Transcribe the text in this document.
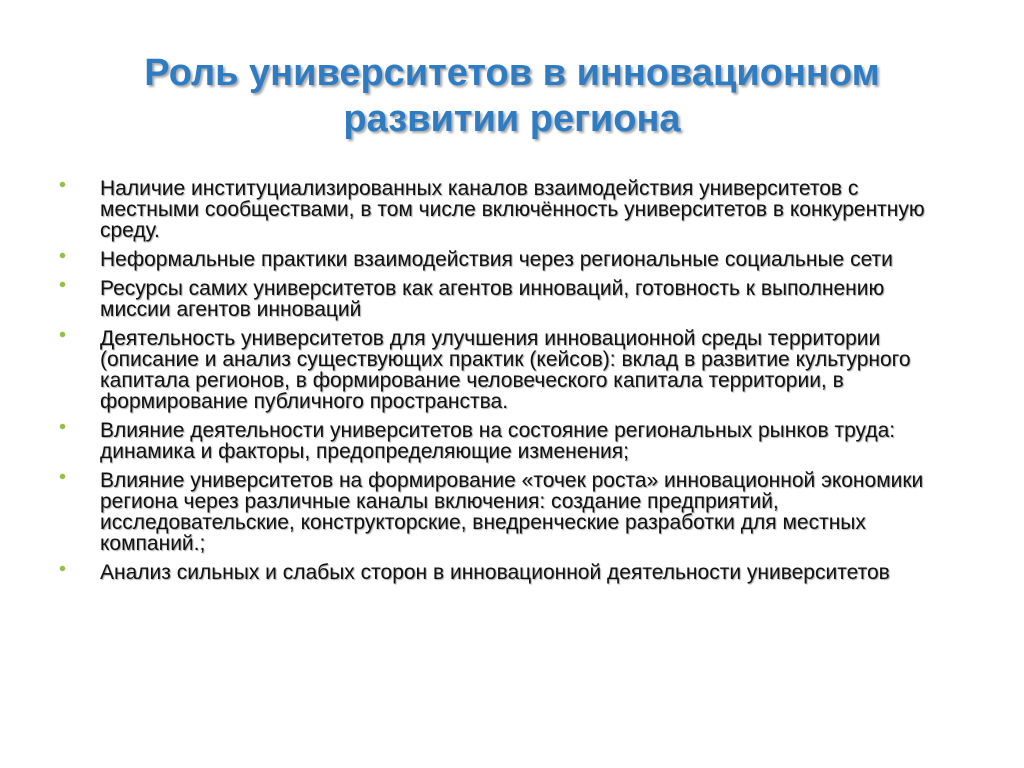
Роль университетов в инновационном развитии региона
Наличие институциализированных каналов взаимодействия университетов с местными сообществами, в том числе включённость университетов в конкурентную среду.
Неформальные практики взаимодействия через региональные социальные сети
Ресурсы самих университетов как агентов инноваций, готовность к выполнению миссии агентов инноваций
Деятельность университетов для улучшения инновационной среды территории (описание и анализ существующих практик (кейсов): вклад в развитие культурного капитала регионов, в формирование человеческого капитала территории, в формирование публичного пространства.
Влияние деятельности университетов на состояние региональных рынков труда: динамика и факторы, предопределяющие изменения;
Влияние университетов на формирование «точек роста» инновационной экономики региона через различные каналы включения: создание предприятий, исследовательские, конструкторские, внедренческие разработки для местных компаний.;
Анализ сильных и слабых сторон в инновационной деятельности университетов
